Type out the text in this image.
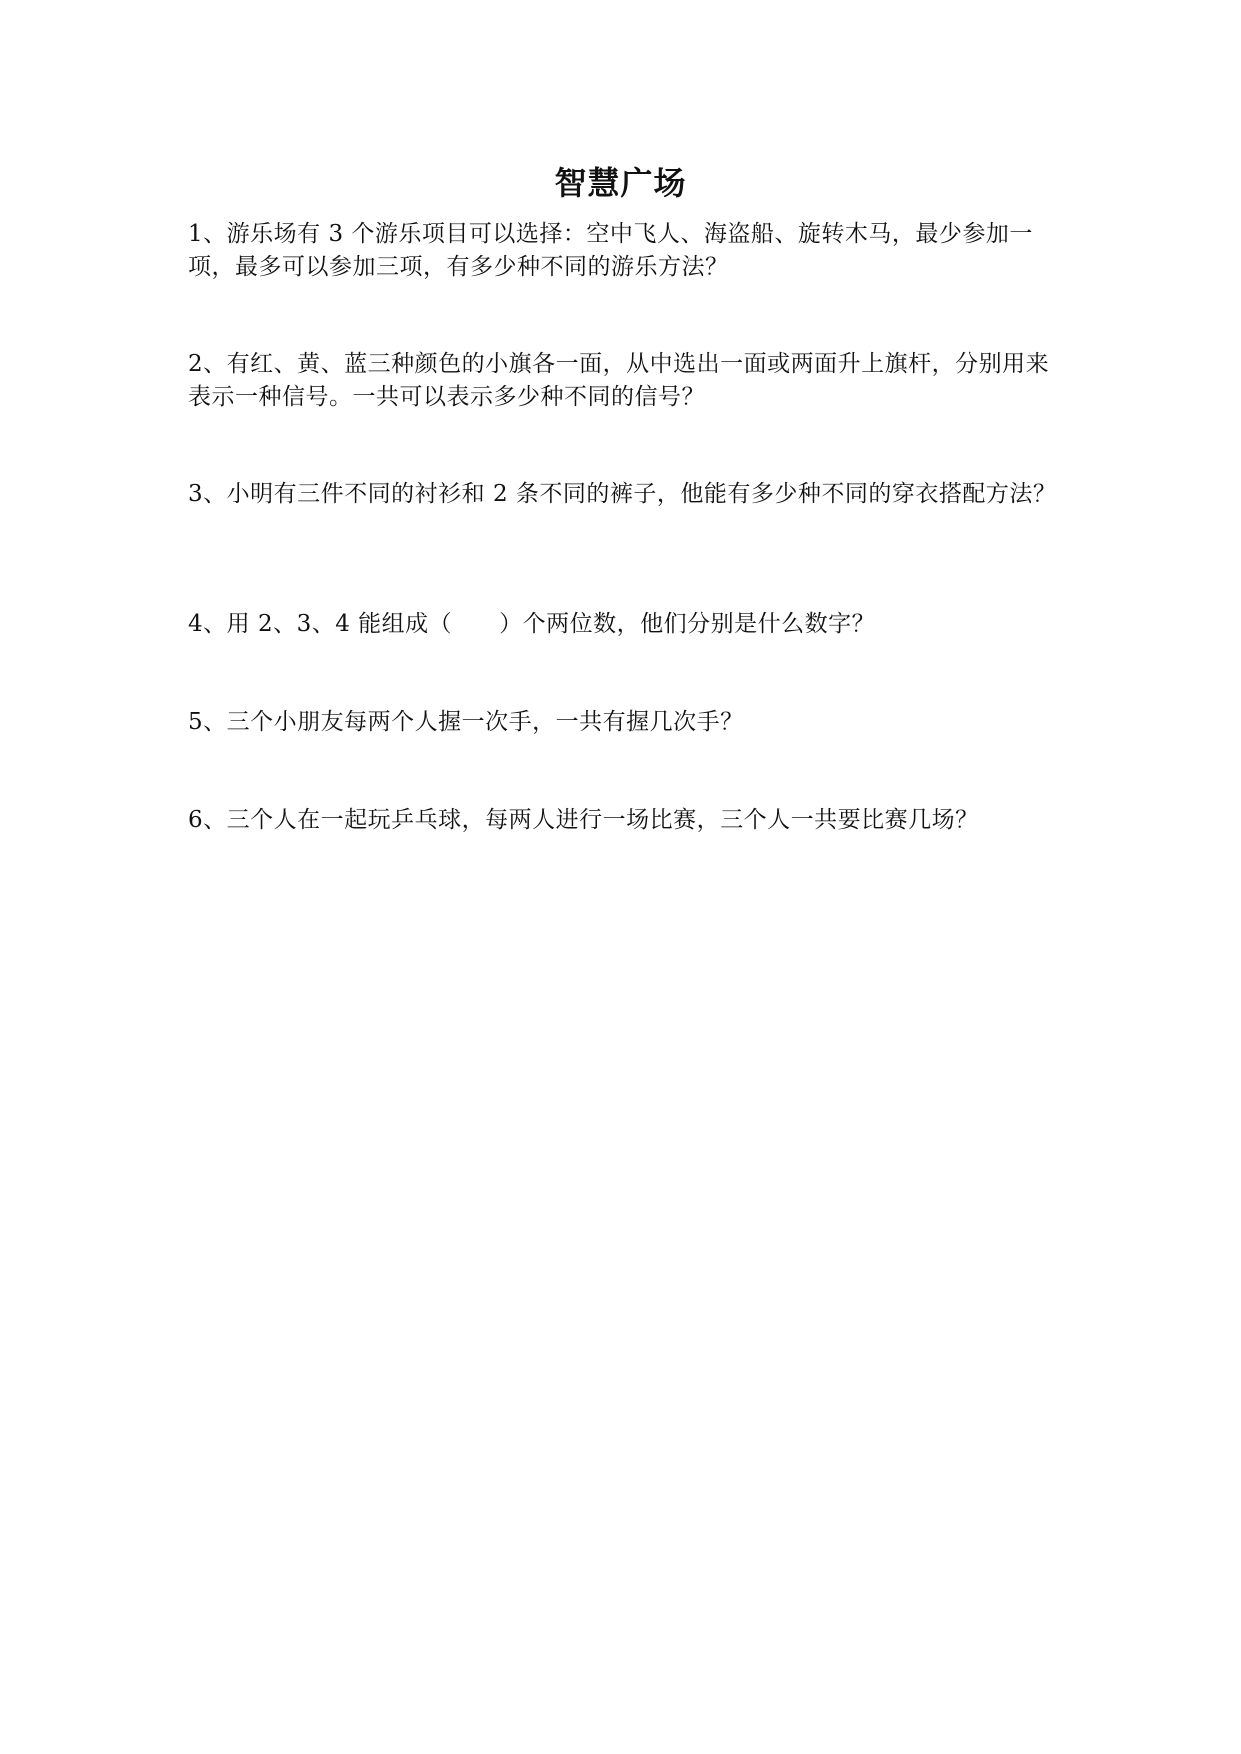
智慧广场
1、游乐场有 3 个游乐项目可以选择：空中飞人、海盗船、旋转木马，最少参加一项，最多可以参加三项，有多少种不同的游乐方法？
2、有红、黄、蓝三种颜色的小旗各一面，从中选出一面或两面升上旗杆，分别用来表示一种信号。一共可以表示多少种不同的信号？
3、小明有三件不同的衬衫和 2 条不同的裤子，他能有多少种不同的穿衣搭配方法？
4、用 2、3、4 能组成（　　）个两位数，他们分别是什么数字？
5、三个小朋友每两个人握一次手，一共有握几次手？
6、三个人在一起玩乒乓球，每两人进行一场比赛，三个人一共要比赛几场？
